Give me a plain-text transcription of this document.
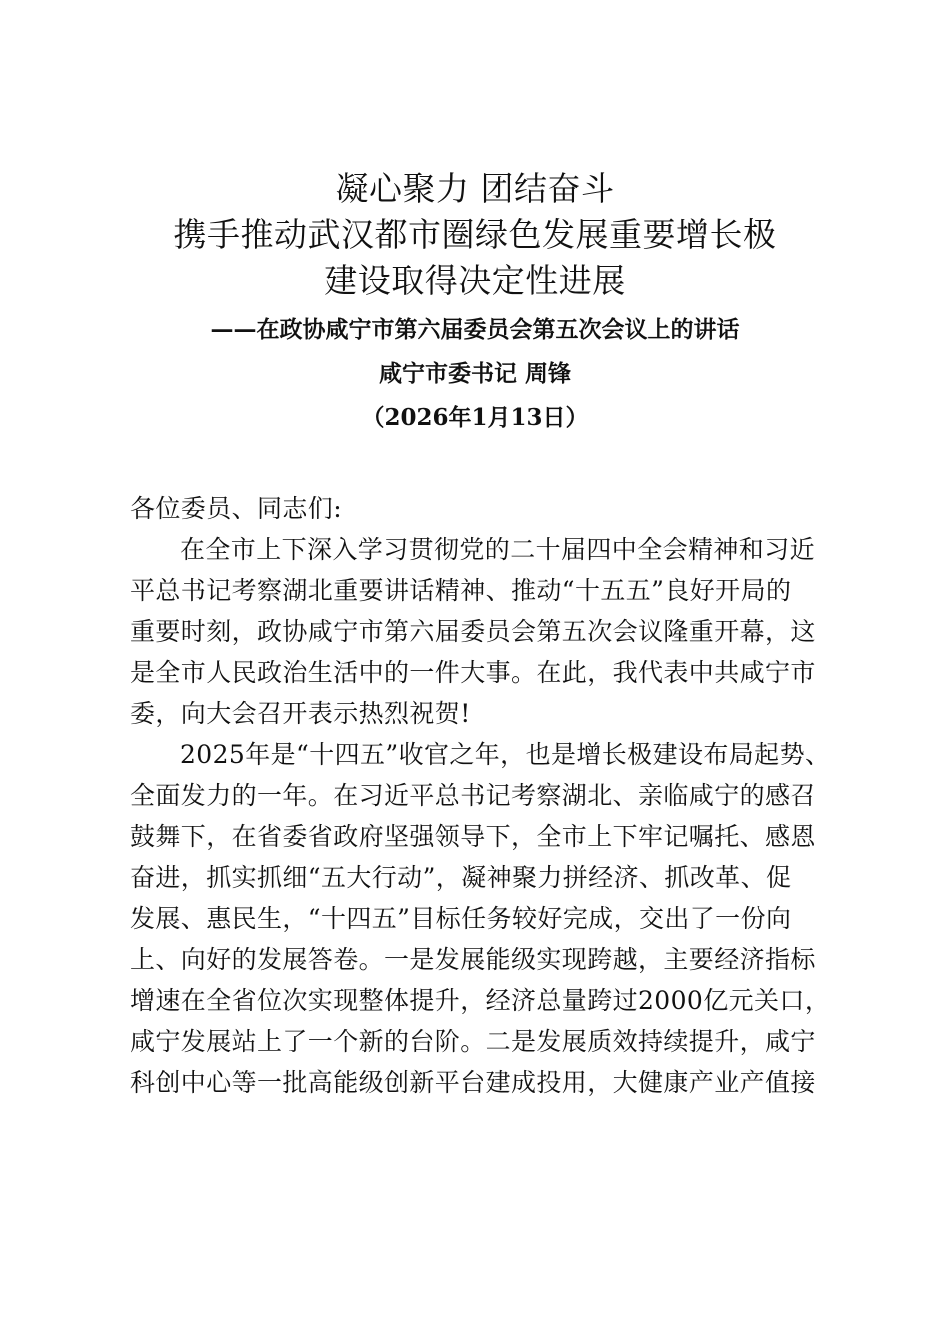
凝心聚力 团结奋斗
携手推动武汉都市圈绿色发展重要增长极
建设取得决定性进展
——在政协咸宁市第六届委员会第五次会议上的讲话
咸宁市委书记 周锋
（2026年1月13日）
各位委员、同志们:
在全市上下深入学习贯彻党的二十届四中全会精神和习近
平总书记考察湖北重要讲话精神、推动“十五五”良好开局的
重要时刻，政协咸宁市第六届委员会第五次会议隆重开幕，这
是全市人民政治生活中的一件大事。在此，我代表中共咸宁市
委，向大会召开表示热烈祝贺!
2025年是“十四五”收官之年，也是增长极建设布局起势、
全面发力的一年。在习近平总书记考察湖北、亲临咸宁的感召
鼓舞下，在省委省政府坚强领导下，全市上下牢记嘱托、感恩
奋进，抓实抓细“五大行动”，凝神聚力拼经济、抓改革、促
发展、惠民生，“十四五”目标任务较好完成，交出了一份向
上、向好的发展答卷。一是发展能级实现跨越，主要经济指标
增速在全省位次实现整体提升，经济总量跨过2000亿元关口，
咸宁发展站上了一个新的台阶。二是发展质效持续提升，咸宁
科创中心等一批高能级创新平台建成投用，大健康产业产值接
